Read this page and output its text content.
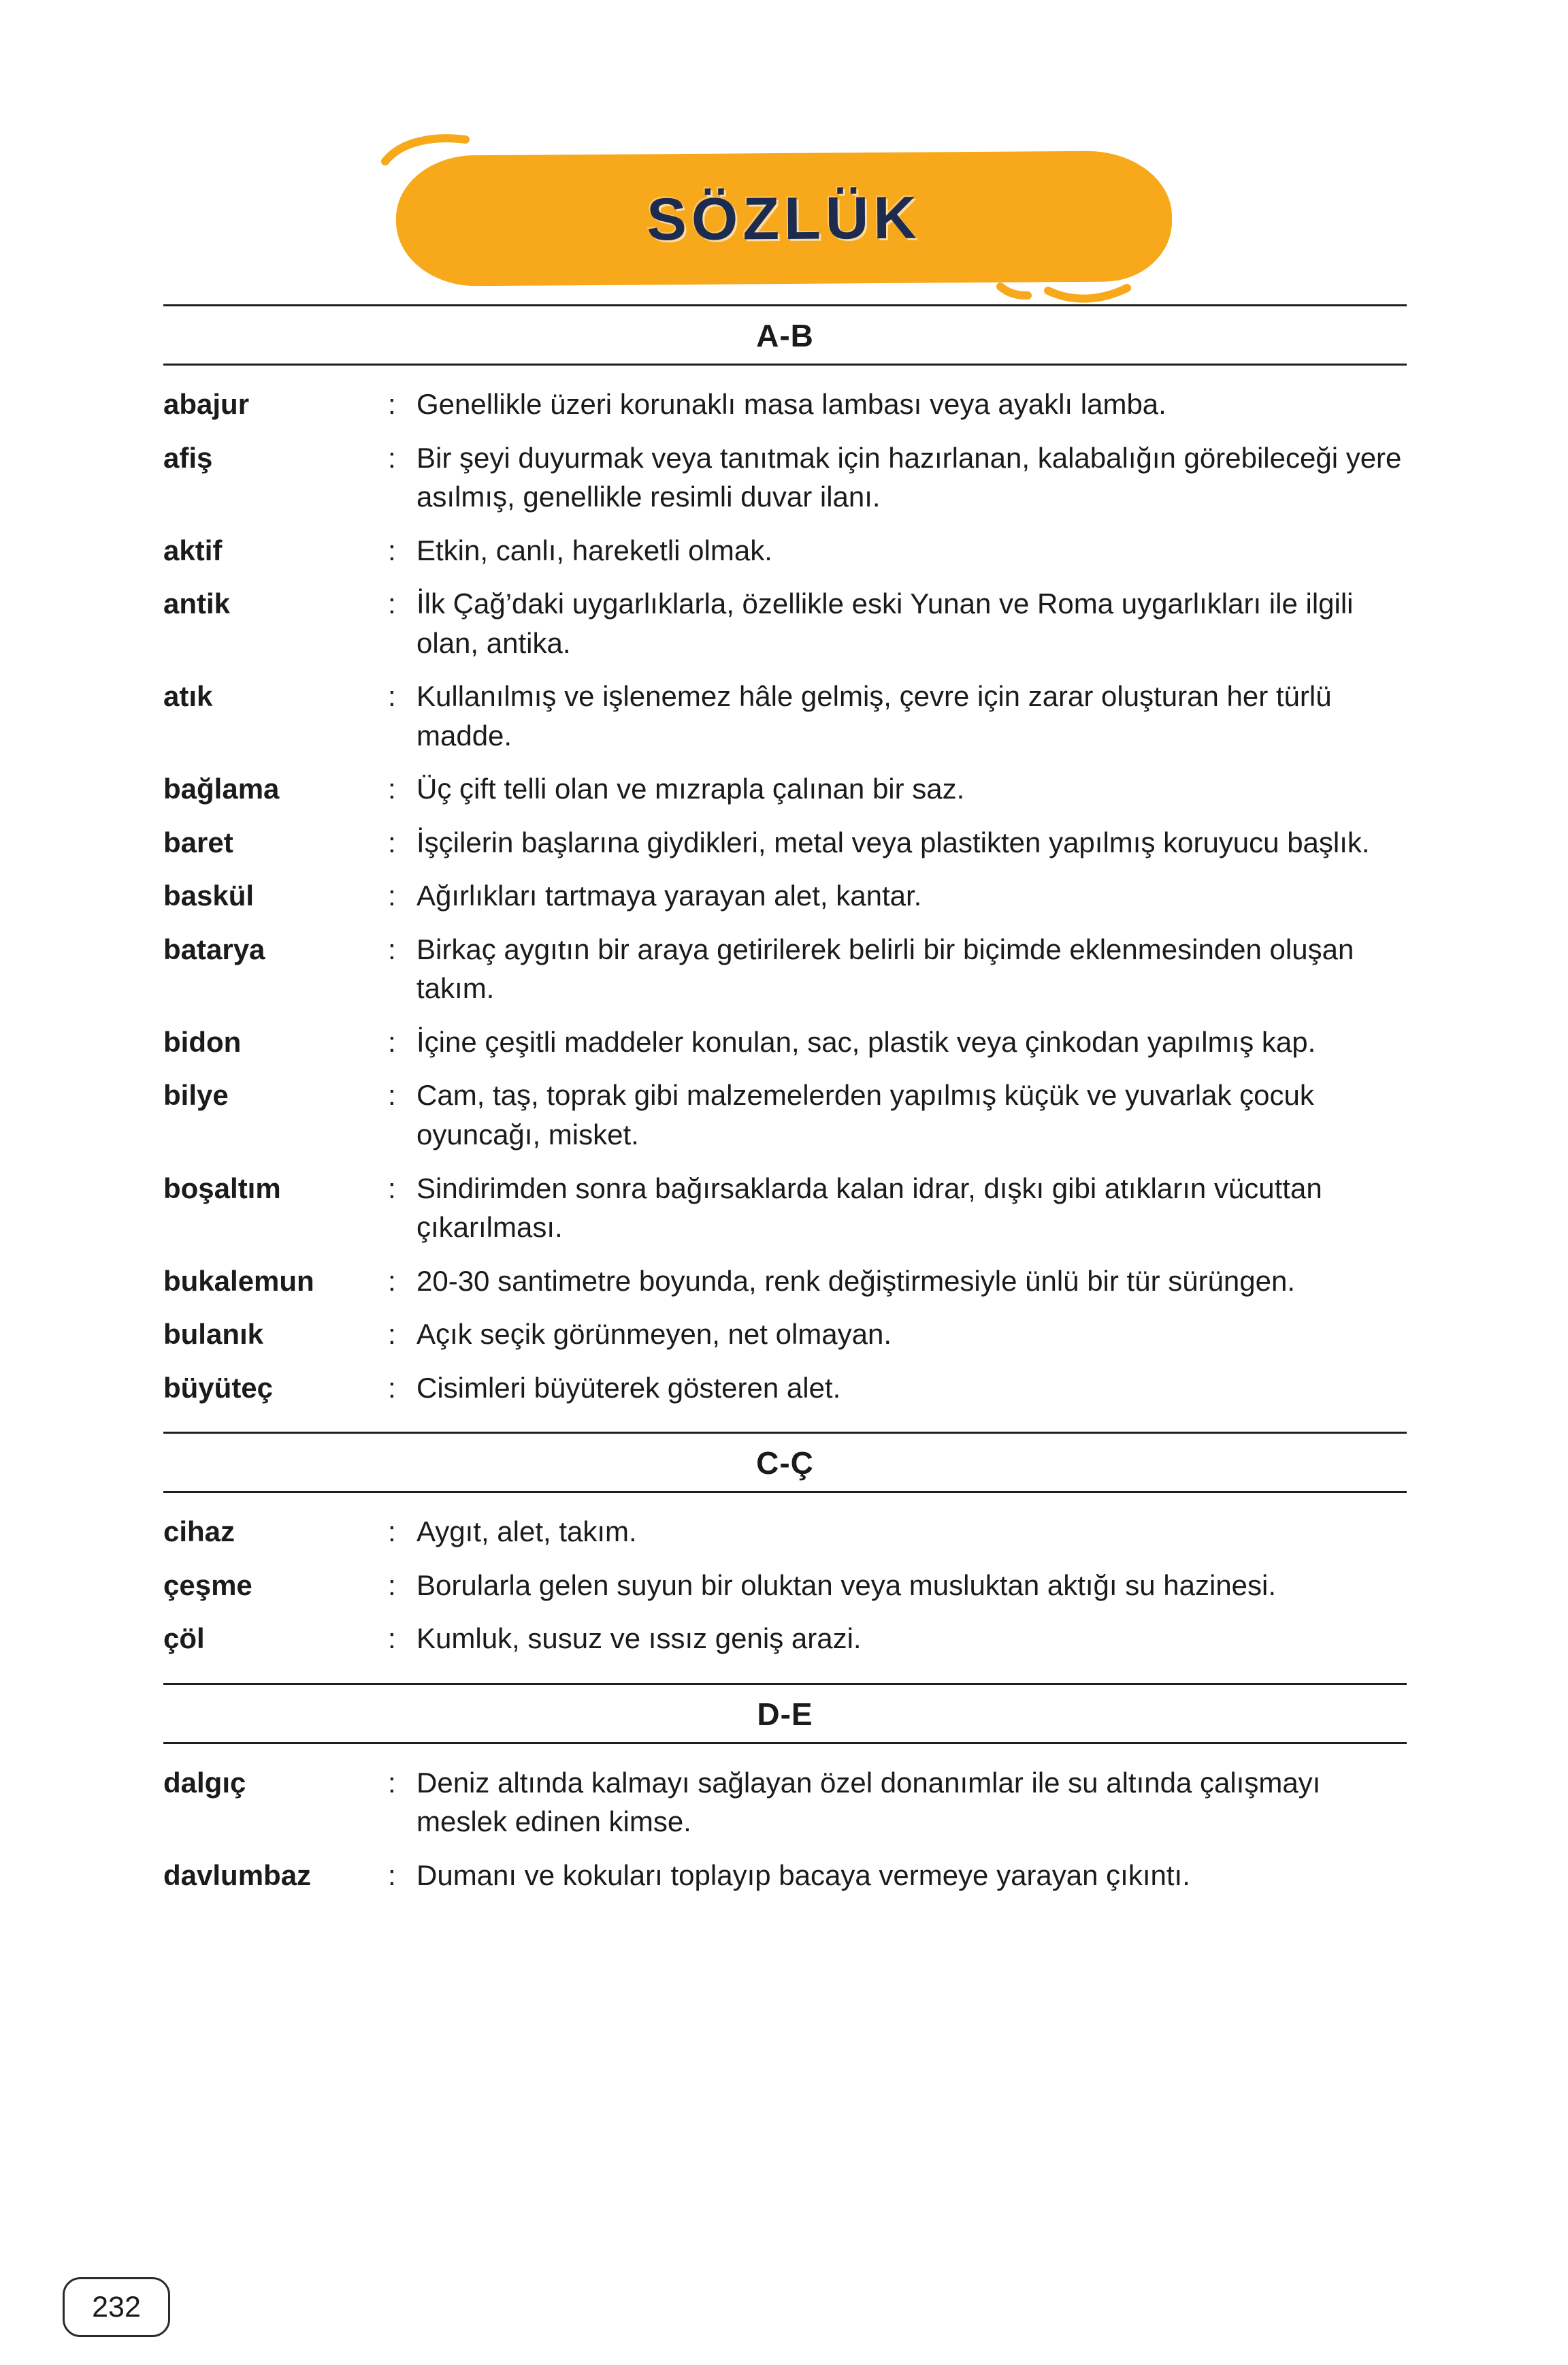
SÖZLÜK
A-B
abajur	: Genellikle üzeri korunaklı masa lambası veya ayaklı lamba.
afiş	: Bir şeyi duyurmak veya tanıtmak için hazırlanan, kalabalığın görebileceği yere asılmış, genellikle resimli duvar ilanı.
aktif	: Etkin, canlı, hareketli olmak.
antik	: İlk Çağ’daki uygarlıklarla, özellikle eski Yunan ve Roma uygarlıkları ile ilgili olan, antika.
atık	: Kullanılmış ve işlenemez hâle gelmiş, çevre için zarar oluşturan her türlü madde.
bağlama	: Üç çift telli olan ve mızrapla çalınan bir saz.
baret	: İşçilerin başlarına giydikleri, metal veya plastikten yapılmış koruyucu başlık.
baskül	: Ağırlıkları tartmaya yarayan alet, kantar.
batarya	: Birkaç aygıtın bir araya getirilerek belirli bir biçimde eklenmesinden oluşan takım.
bidon	: İçine çeşitli maddeler konulan, sac, plastik veya çinkodan yapılmış kap.
bilye	: Cam, taş, toprak gibi malzemelerden yapılmış küçük ve yuvarlak çocuk oyuncağı, misket.
boşaltım	: Sindirimden sonra bağırsaklarda kalan idrar, dışkı gibi atıkların vücuttan çıkarılması.
bukalemun	: 20-30 santimetre boyunda, renk değiştirmesiyle ünlü bir tür sürüngen.
bulanık	: Açık seçik görünmeyen, net olmayan.
büyüteç	: Cisimleri büyüterek gösteren alet.
C-Ç
cihaz	: Aygıt, alet, takım.
çeşme	: Borularla gelen suyun bir oluktan veya musluktan aktığı su hazinesi.
çöl	: Kumluk, susuz ve ıssız geniş arazi.
D-E
dalgıç	: Deniz altında kalmayı sağlayan özel donanımlar ile su altında çalışmayı meslek edinen kimse.
davlumbaz	: Dumanı ve kokuları toplayıp bacaya vermeye yarayan çıkıntı.
232
